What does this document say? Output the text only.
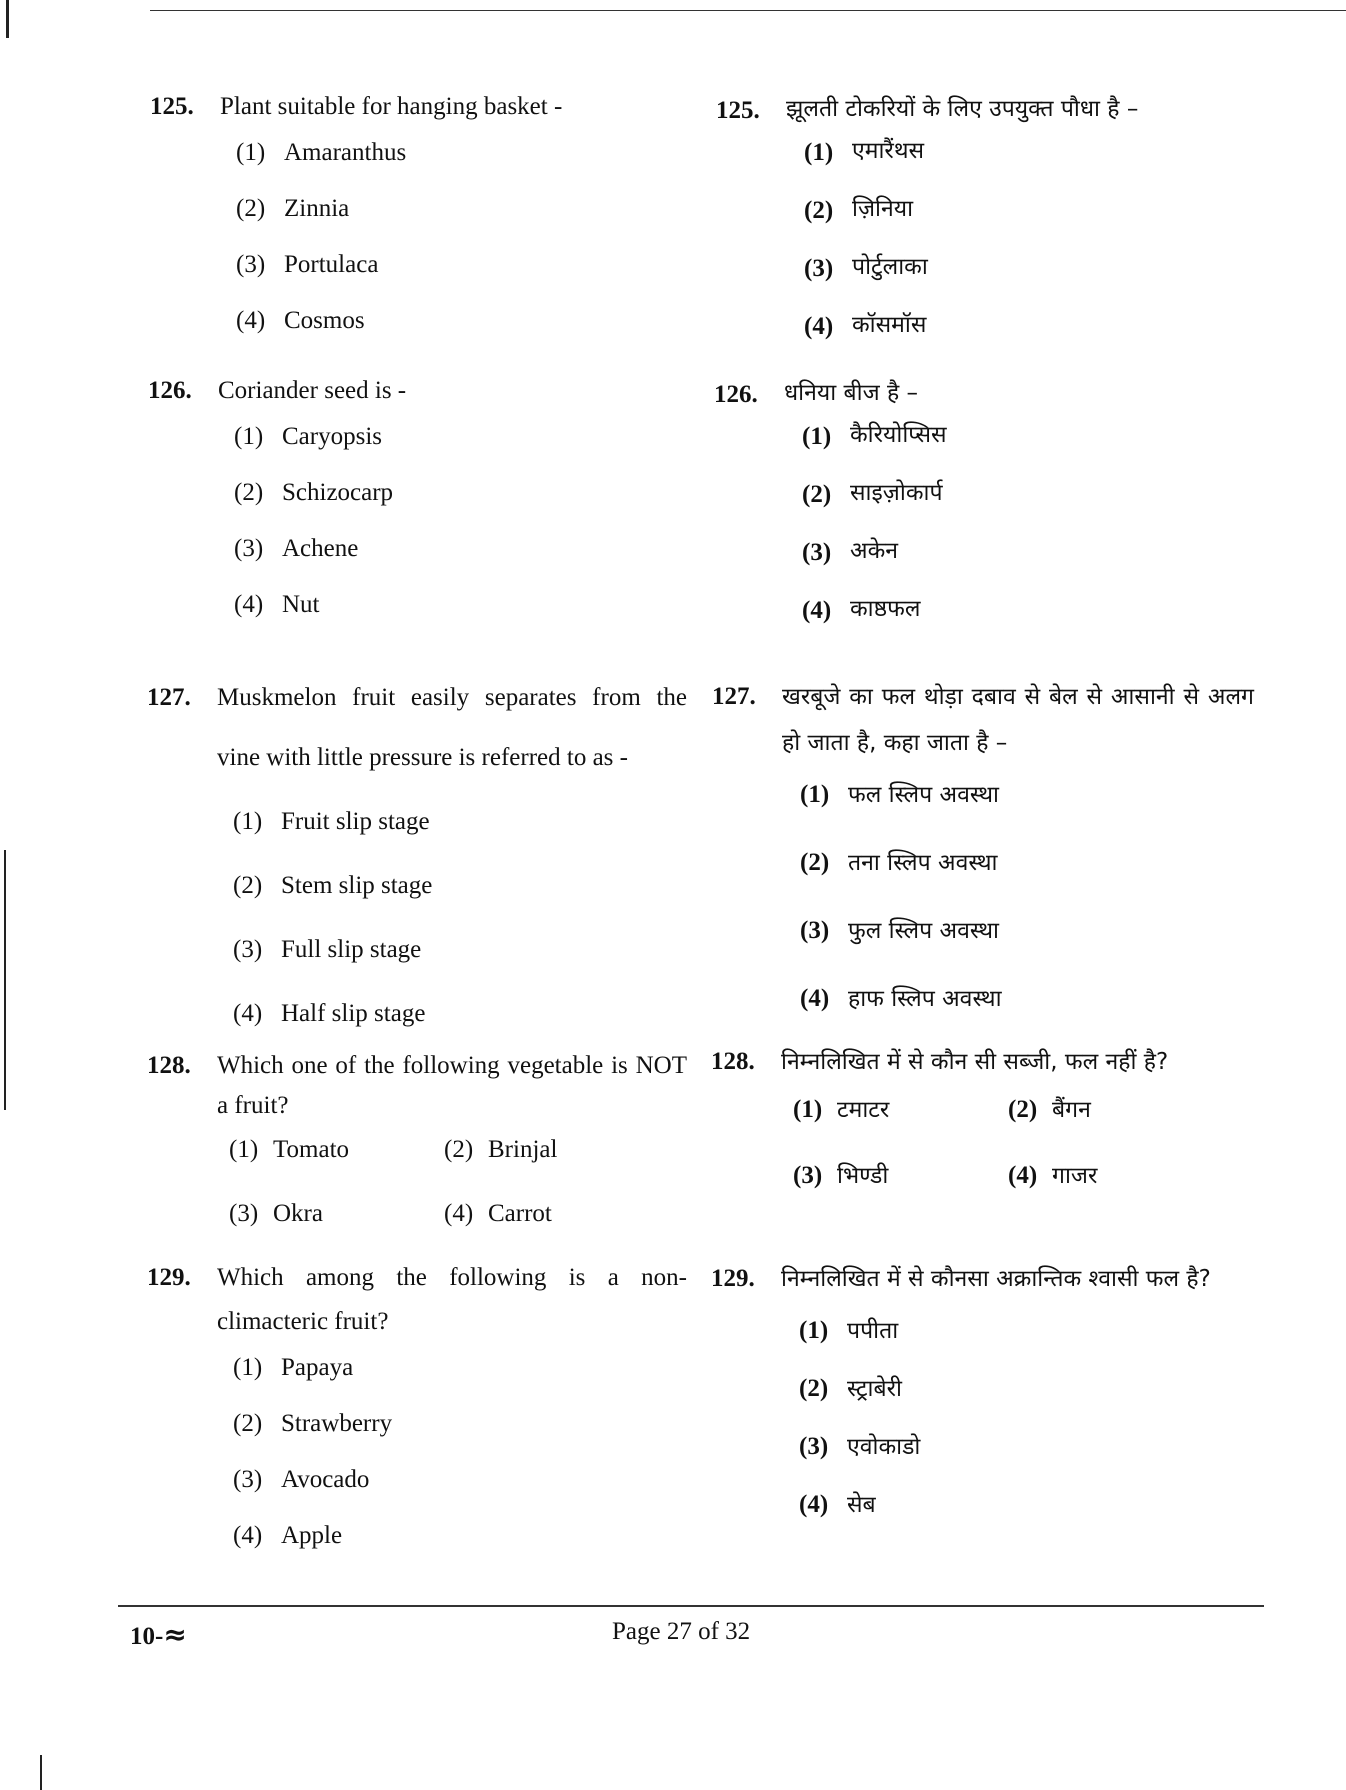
125. Plant suitable for hanging basket -
(1) Amaranthus
(2) Zinnia
(3) Portulaca
(4) Cosmos
125. झूलती टोकरियों के लिए उपयुक्त पौधा है –
(1) एमारैंथस
(2) ज़िनिया
(3) पोर्टुलाका
(4) कॉसमॉस
126. Coriander seed is -
(1) Caryopsis
(2) Schizocarp
(3) Achene
(4) Nut
126. धनिया बीज है –
(1) कैरियोप्सिस
(2) साइज़ोकार्प
(3) अकेन
(4) काष्ठफल
127. Muskmelon fruit easily separates from the vine with little pressure is referred to as -
(1) Fruit slip stage
(2) Stem slip stage
(3) Full slip stage
(4) Half slip stage
127. खरबूजे का फल थोड़ा दबाव से बेल से आसानी से अलग हो जाता है, कहा जाता है –
(1) फल स्लिप अवस्था
(2) तना स्लिप अवस्था
(3) फुल स्लिप अवस्था
(4) हाफ स्लिप अवस्था
128. Which one of the following vegetable is NOT a fruit?
(1) Tomato	(2) Brinjal
(3) Okra	(4) Carrot
128. निम्नलिखित में से कौन सी सब्जी, फल नहीं है?
(1) टमाटर	(2) बैंगन
(3) भिण्डी	(4) गाजर
129. Which among the following is a non-climacteric fruit?
(1) Papaya
(2) Strawberry
(3) Avocado
(4) Apple
129. निम्नलिखित में से कौनसा अक्रान्तिक श्वासी फल है?
(1) पपीता
(2) स्ट्राबेरी
(3) एवोकाडो
(4) सेब
10-≈	Page 27 of 32
